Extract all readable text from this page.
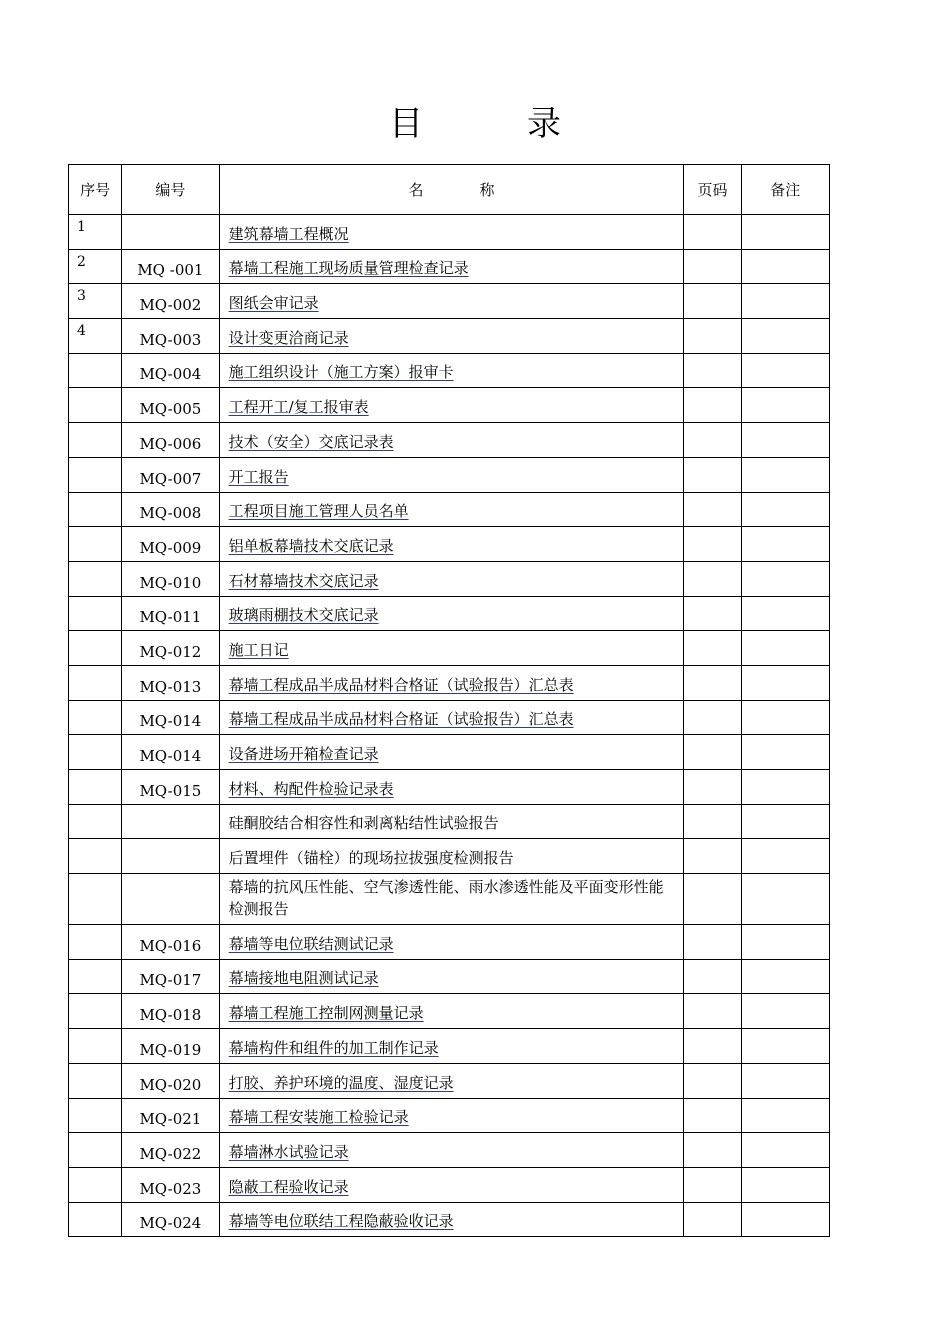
目录
序号	编号	名 称	页码	备注
1		建筑幕墙工程概况		
2	MQ -001	幕墙工程施工现场质量管理检查记录		
3	MQ-002	图纸会审记录		
4	MQ-003	设计变更洽商记录		
	MQ-004	施工组织设计（施工方案）报审卡		
	MQ-005	工程开工/复工报审表		
	MQ-006	技术（安全）交底记录表		
	MQ-007	开工报告		
	MQ-008	工程项目施工管理人员名单		
	MQ-009	铝单板幕墙技术交底记录		
	MQ-010	石材幕墙技术交底记录		
	MQ-011	玻璃雨棚技术交底记录		
	MQ-012	施工日记		
	MQ-013	幕墙工程成品半成品材料合格证（试验报告）汇总表		
	MQ-014	幕墙工程成品半成品材料合格证（试验报告）汇总表		
	MQ-014	设备进场开箱检查记录		
	MQ-015	材料、构配件检验记录表		
		硅酮胶结合相容性和剥离粘结性试验报告		
		后置埋件（锚栓）的现场拉拔强度检测报告		
		幕墙的抗风压性能、空气渗透性能、雨水渗透性能及平面变形性能检测报告		
	MQ-016	幕墙等电位联结测试记录		
	MQ-017	幕墙接地电阻测试记录		
	MQ-018	幕墙工程施工控制网测量记录		
	MQ-019	幕墙构件和组件的加工制作记录		
	MQ-020	打胶、养护环境的温度、湿度记录		
	MQ-021	幕墙工程安装施工检验记录		
	MQ-022	幕墙淋水试验记录		
	MQ-023	隐蔽工程验收记录		
	MQ-024	幕墙等电位联结工程隐蔽验收记录		
